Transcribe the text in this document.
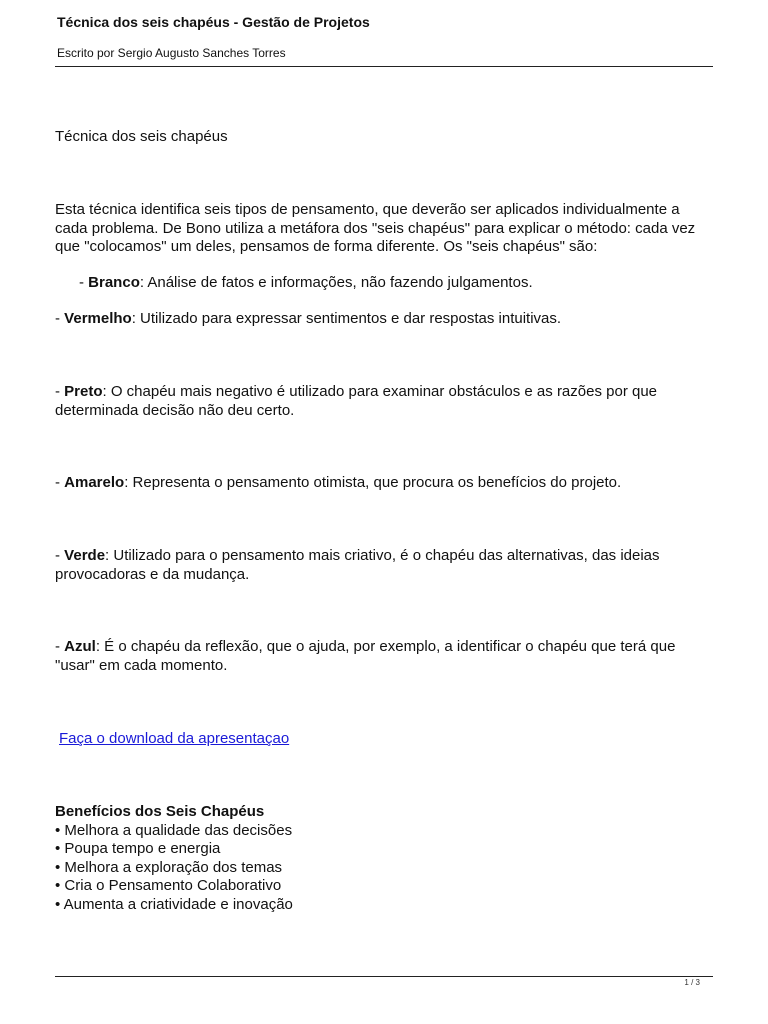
Técnica dos seis chapéus - Gestão de Projetos
Escrito por Sergio Augusto Sanches Torres

Técnica dos seis chapéus

Esta técnica identifica seis tipos de pensamento, que deverão ser aplicados individualmente a cada problema. De Bono utiliza a metáfora dos "seis chapéus" para explicar o método: cada vez que "colocamos" um deles, pensamos de forma diferente. Os "seis chapéus" são:

- Branco: Análise de fatos e informações, não fazendo julgamentos.

- Vermelho: Utilizado para expressar sentimentos e dar respostas intuitivas.

- Preto: O chapéu mais negativo é utilizado para examinar obstáculos e as razões por que determinada decisão não deu certo.

- Amarelo: Representa o pensamento otimista, que procura os benefícios do projeto.

- Verde: Utilizado para o pensamento mais criativo, é o chapéu das alternativas, das ideias provocadoras e da mudança.

- Azul: É o chapéu da reflexão, que o ajuda, por exemplo, a identificar o chapéu que terá que "usar" em cada momento.

Faça o download da apresentaçao
Benefícios dos Seis Chapéus
• Melhora a qualidade das decisões
• Poupa tempo e energia
• Melhora a exploração dos temas
• Cria o Pensamento Colaborativo
• Aumenta a criatividade e inovação
1 / 3
